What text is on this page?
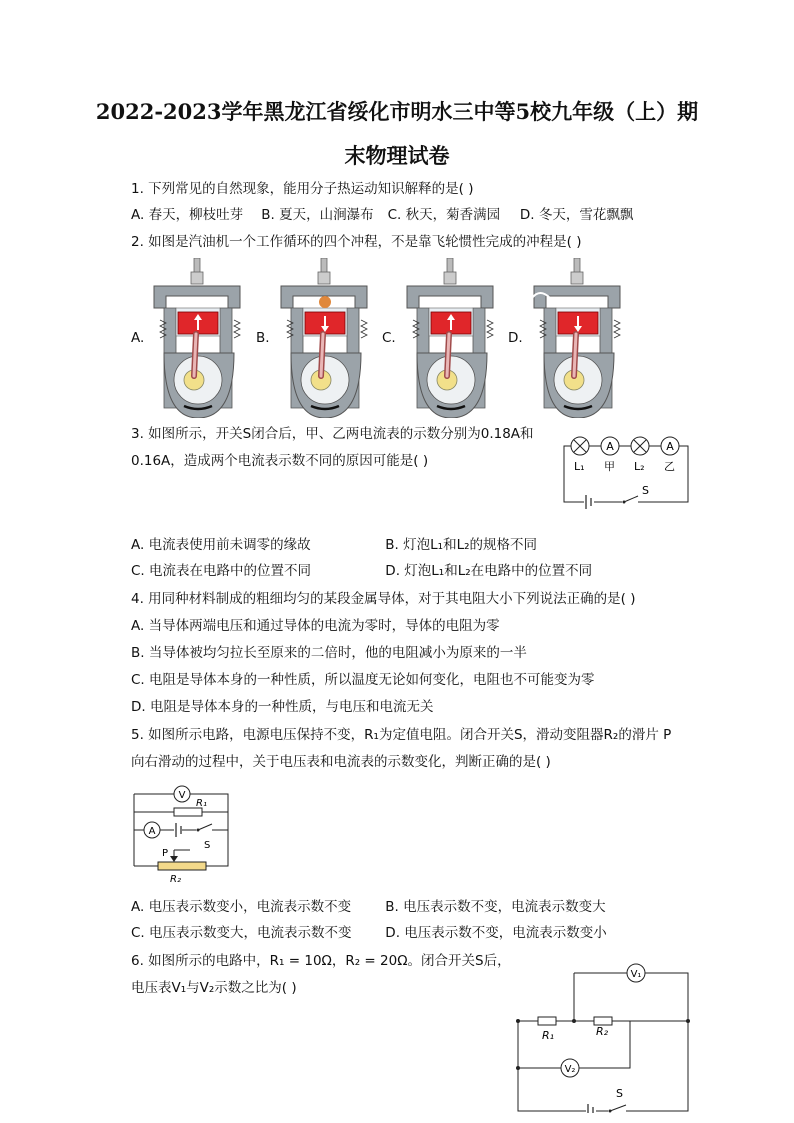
2022-2023学年黑龙江省绥化市明水三中等5校九年级（上）期
末物理试卷
1. 下列常见的自然现象，能用分子热运动知识解释的是( )
A. 春天，柳枝吐芽 B. 夏天，山涧瀑布 C. 秋天，菊香满园 D. 冬天，雪花飘飘
2. 如图是汽油机一个工作循环的四个冲程，不是靠飞轮惯性完成的冲程是( )
A.	B.	C.	D.
3. 如图所示，开关S闭合后，甲、乙两电流表的示数分别为0.18A和
0.16A，造成两个电流表示数不同的原因可能是( )
A	A
L₁ 甲 L₂ 乙
S
A. 电流表使用前未调零的缘故	B. 灯泡L₁和L₂的规格不同
C. 电流表在电路中的位置不同	D. 灯泡L₁和L₂在电路中的位置不同
4. 用同种材料制成的粗细均匀的某段金属导体，对于其电阻大小下列说法正确的是( )
A. 当导体两端电压和通过导体的电流为零时，导体的电阻为零
B. 当导体被均匀拉长至原来的二倍时，他的电阻减小为原来的一半
C. 电阻是导体本身的一种性质，所以温度无论如何变化，电阻也不可能变为零
D. 电阻是导体本身的一种性质，与电压和电流无关
5. 如图所示电路，电源电压保持不变，R₁为定值电阻。闭合开关S，滑动变阻器R₂的滑片 P
向右滑动的过程中，关于电压表和电流表的示数变化，判断正确的是( )
V
R₁
A
S
P
R₂
A. 电压表示数变小，电流表示数不变	B. 电压表示数不变，电流表示数变大
C. 电压表示数变大，电流表示数不变	D. 电压表示数不变，电流表示数变小
6. 如图所示的电路中，R₁ = 10Ω，R₂ = 20Ω。闭合开关S后，
电压表V₁与V₂示数之比为( )
V₁
R₁	R₂
V₂
S
